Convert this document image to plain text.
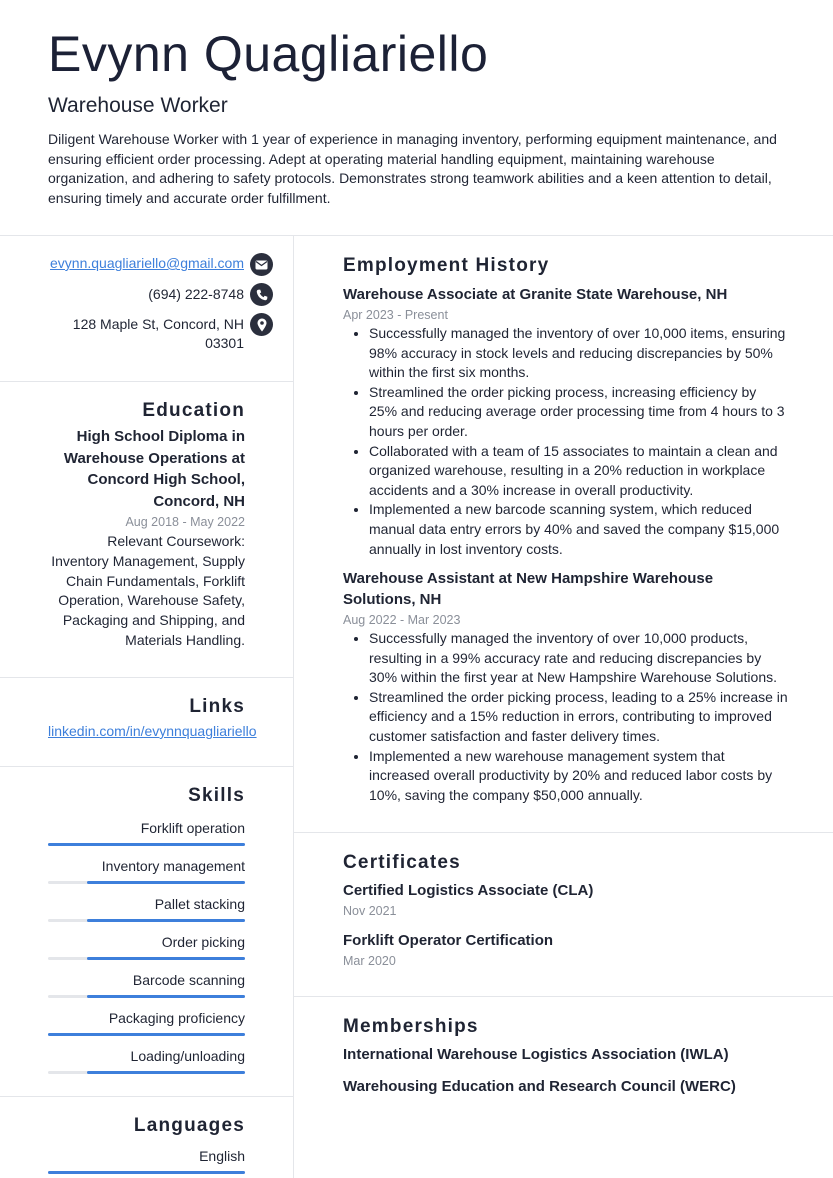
Evynn Quagliariello
Warehouse Worker
Diligent Warehouse Worker with 1 year of experience in managing inventory, performing equipment maintenance, and ensuring efficient order processing. Adept at operating material handling equipment, maintaining warehouse organization, and adhering to safety protocols. Demonstrates strong teamwork abilities and a keen attention to detail, ensuring timely and accurate order fulfillment.
evynn.quagliariello@gmail.com
(694) 222-8748
128 Maple St, Concord, NH
03301
Education
High School Diploma in Warehouse Operations at Concord High School, Concord, NH
Aug 2018 - May 2022
Relevant Coursework: Inventory Management, Supply Chain Fundamentals, Forklift Operation, Warehouse Safety, Packaging and Shipping, and Materials Handling.
Links
linkedin.com/in/evynnquagliariello
Skills
Forklift operation
Inventory management
Pallet stacking
Order picking
Barcode scanning
Packaging proficiency
Loading/unloading
Languages
English
Employment History
Warehouse Associate at Granite State Warehouse, NH
Apr 2023 - Present
• Successfully managed the inventory of over 10,000 items, ensuring 98% accuracy in stock levels and reducing discrepancies by 50% within the first six months.
• Streamlined the order picking process, increasing efficiency by 25% and reducing average order processing time from 4 hours to 3 hours per order.
• Collaborated with a team of 15 associates to maintain a clean and organized warehouse, resulting in a 20% reduction in workplace accidents and a 30% increase in overall productivity.
• Implemented a new barcode scanning system, which reduced manual data entry errors by 40% and saved the company $15,000 annually in lost inventory costs.
Warehouse Assistant at New Hampshire Warehouse Solutions, NH
Aug 2022 - Mar 2023
• Successfully managed the inventory of over 10,000 products, resulting in a 99% accuracy rate and reducing discrepancies by 30% within the first year at New Hampshire Warehouse Solutions.
• Streamlined the order picking process, leading to a 25% increase in efficiency and a 15% reduction in errors, contributing to improved customer satisfaction and faster delivery times.
• Implemented a new warehouse management system that increased overall productivity by 20% and reduced labor costs by 10%, saving the company $50,000 annually.
Certificates
Certified Logistics Associate (CLA)
Nov 2021
Forklift Operator Certification
Mar 2020
Memberships
International Warehouse Logistics Association (IWLA)
Warehousing Education and Research Council (WERC)
